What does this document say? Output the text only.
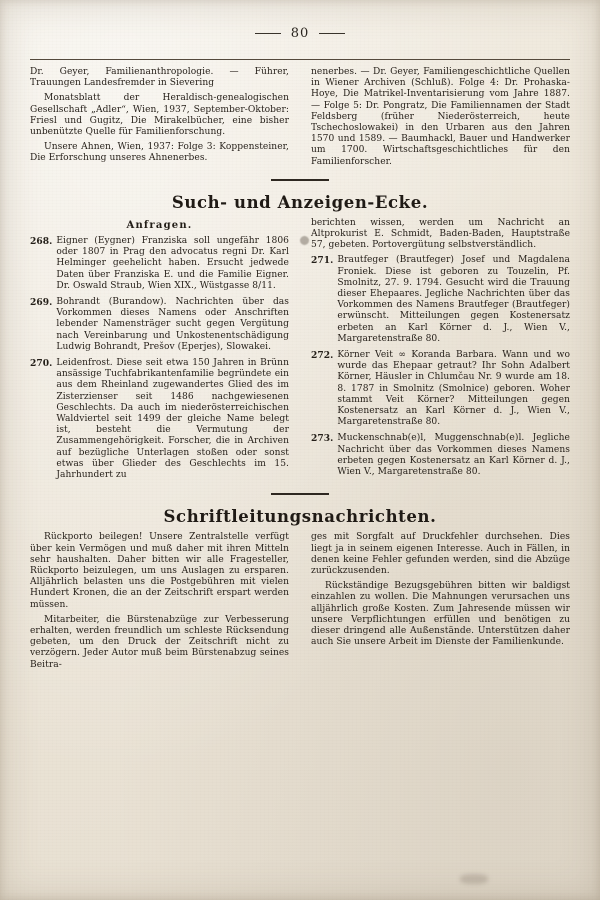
80

Dr. Geyer, Familienanthropologie. — Führer, Trauungen Landesfremder in Sievering

Monatsblatt der Heraldisch-genealogischen Gesellschaft „Adler“, Wien, 1937, September-Oktober: Friesl und Gugitz, Die Mirakelbücher, eine bisher unbenützte Quelle für Familienforschung.

Unsere Ahnen, Wien, 1937: Folge 3: Koppensteiner, Die Erforschung unseres Ahnenerbes.

nenerbes. — Dr. Geyer, Familiengeschichtliche Quellen in Wiener Archiven (Schluß). Folge 4: Dr. Prohaska-Hoye, Die Matrikel-Inventarisierung vom Jahre 1887. — Folge 5: Dr. Pongratz, Die Familiennamen der Stadt Feldsberg (früher Niederösterreich, heute Tschechoslowakei) in den Urbaren aus den Jahren 1570 und 1589. — Baumhackl, Bauer und Handwerker um 1700. Wirtschaftsgeschichtliches für den Familienforscher.

Such- und Anzeigen-Ecke.
Anfragen.
268. Eigner (Eygner) Franziska soll ungefähr 1806 oder 1807 in Prag den advocatus regni Dr. Karl Helminger geehelicht haben. Ersucht jedwede Daten über Franziska E. und die Familie Eigner. Dr. Oswald Straub, Wien XIX., Wüstgasse 8/11.
269. Bohrandt (Burandow). Nachrichten über das Vorkommen dieses Namens oder Anschriften lebender Namensträger sucht gegen Vergütung nach Vereinbarung und Unkostenentschädigung Ludwig Bohrandt, Prešov (Eperjes), Slowakei.
270. Leidenfrost. Diese seit etwa 150 Jahren in Brünn ansässige Tuchfabrikantenfamilie begründete ein aus dem Rheinland zugewandertes Glied des im Zisterzienser seit 1486 nachgewiesenen Geschlechts. Da auch im niederösterreichischen Waldviertel seit 1499 der gleiche Name belegt ist, besteht die Vermutung der Zusammengehörigkeit. Forscher, die in Archiven auf bezügliche Unterlagen stoßen oder sonst etwas über Glieder des Geschlechts im 15. Jahrhundert zu

berichten wissen, werden um Nachricht an Altprokurist E. Schmidt, Baden-Baden, Hauptstraße 57, gebeten. Portovergütung selbstverständlich.

271. Brautfeger (Brautfeger) Josef und Magdalena Froniek. Diese ist geboren zu Touzelin, Pf. Smolnitz, 27. 9. 1794. Gesucht wird die Trauung dieser Ehepaares. Jegliche Nachrichten über das Vorkommen des Namens Brautfeger (Brautfeger) erwünscht. Mitteilungen gegen Kostenersatz erbeten an Karl Körner d. J., Wien V., Margaretenstraße 80.
272. Körner Veit ∞ Koranda Barbara. Wann und wo wurde das Ehepaar getraut? Ihr Sohn Adalbert Körner, Häusler in Chlumčau Nr. 9 wurde am 18. 8. 1787 in Smolnitz (Smolnice) geboren. Woher stammt Veit Körner? Mitteilungen gegen Kostenersatz an Karl Körner d. J., Wien V., Margaretenstraße 80.
273. Muckenschnab(e)l, Muggenschnab(e)l. Jegliche Nachricht über das Vorkommen dieses Namens erbeten gegen Kostenersatz an Karl Körner d. J., Wien V., Margaretenstraße 80.
Schriftleitungsnachrichten.

Rückporto beilegen! Unsere Zentralstelle verfügt über kein Vermögen und muß daher mit ihren Mitteln sehr haushalten. Daher bitten wir alle Fragesteller, Rückporto beizulegen, um uns Auslagen zu ersparen. Alljährlich belasten uns die Postgebühren mit vielen Hundert Kronen, die an der Zeitschrift erspart werden müssen.

Mitarbeiter, die Bürstenabzüge zur Verbesserung erhalten, werden freundlich um schleste Rücksendung gebeten, um den Druck der Zeitschrift nicht zu verzögern. Jeder Autor muß beim Bürstenabzug seines Beitra-

ges mit Sorgfalt auf Druckfehler durchsehen. Dies liegt ja in seinem eigenen Interesse. Auch in Fällen, in denen keine Fehler gefunden werden, sind die Abzüge zurückzusenden.

Rückständige Bezugsgebühren bitten wir baldigst einzahlen zu wollen. Die Mahnungen verursachen uns alljährlich große Kosten. Zum Jahresende müssen wir unsere Verpflichtungen erfüllen und benötigen zu dieser dringend alle Außenstände. Unterstützen daher auch Sie unsere Arbeit im Dienste der Familienkunde.
